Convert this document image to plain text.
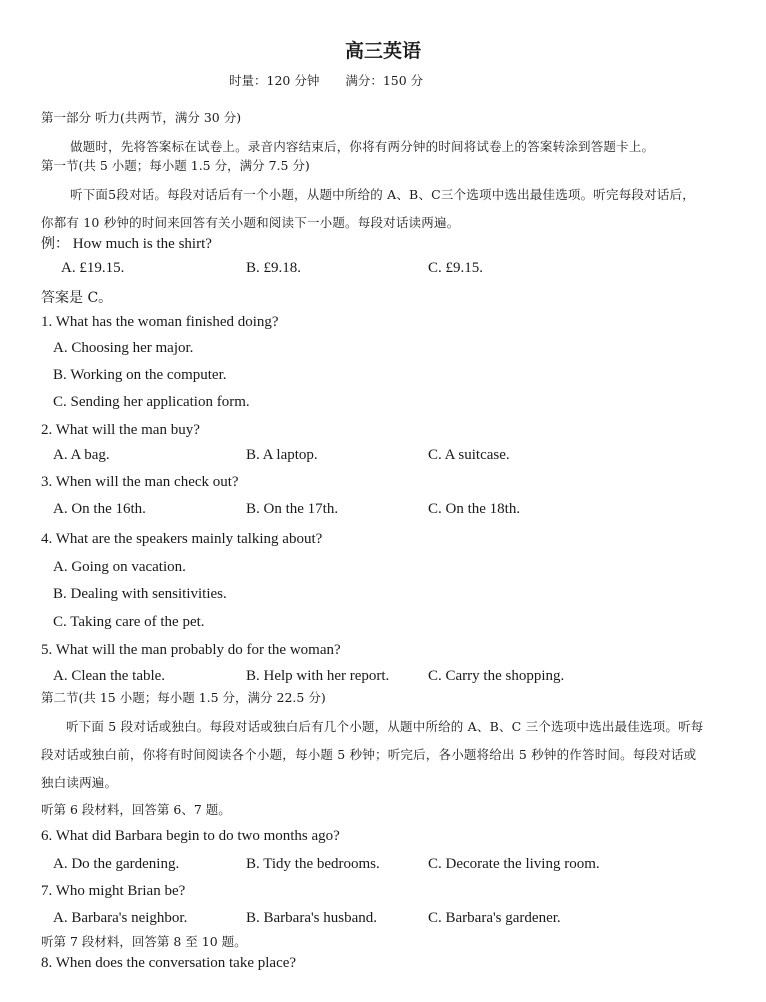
高三英语
时量：120 分钟 满分：150 分
第一部分 听力(共两节，满分 30 分)
做题时，先将答案标在试卷上。录音内容结束后，你将有两分钟的时间将试卷上的答案转涂到答题卡上。
第一节(共 5 小题；每小题 1.5 分，满分 7.5 分)
听下面5段对话。每段对话后有一个小题，从题中所给的 A、B、C三个选项中选出最佳选项。听完每段对话后，
你都有 10 秒钟的时间来回答有关小题和阅读下一小题。每段对话读两遍。
例： How much is the shirt?
A. £19.15.	B. £9.18.	C. £9.15.
答案是 C。
1. What has the woman finished doing?
A. Choosing her major.
B. Working on the computer.
C. Sending her application form.
2. What will the man buy?
A. A bag.	B. A laptop.	C. A suitcase.
3. When will the man check out?
A. On the 16th.	B. On the 17th.	C. On the 18th.
4. What are the speakers mainly talking about?
A. Going on vacation.
B. Dealing with sensitivities.
C. Taking care of the pet.
5. What will the man probably do for the woman?
A. Clean the table.	B. Help with her report.	C. Carry the shopping.
第二节(共 15 小题；每小题 1.5 分，满分 22.5 分)
听下面 5 段对话或独白。每段对话或独白后有几个小题，从题中所给的 A、B、C 三个选项中选出最佳选项。听每
段对话或独白前，你将有时间阅读各个小题，每小题 5 秒钟；听完后，各小题将给出 5 秒钟的作答时间。每段对话或
独白读两遍。
听第 6 段材料，回答第 6、7 题。
6. What did Barbara begin to do two months ago?
A. Do the gardening.	B. Tidy the bedrooms.	C. Decorate the living room.
7. Who might Brian be?
A. Barbara's neighbor.	B. Barbara's husband.	C. Barbara's gardener.
听第 7 段材料，回答第 8 至 10 题。
8. When does the conversation take place?
